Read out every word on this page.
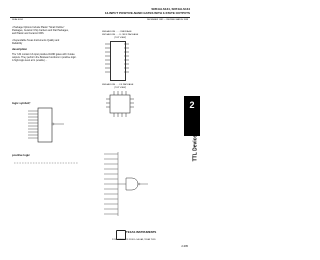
SN54ALS134, SN74ALS134
13-INPUT POSITIVE-NAND GATES WITH 3-STATE OUTPUTS
DECEMBER 1982 — REVISED MARCH 1988
SDALS034
• Package Options Include Plastic "Small Outline" Packages, Ceramic Chip Carriers and Flat Packages, and Plastic and Ceramic DIPs
• Dependable Texas Instruments Quality and Reliability
description
The '134 contain 13-input positive-NAND gates with 3-state outputs. They perform the Boolean functions in positive logic. A high-logic-level at G (enable) ...
logic symbol†
positive logic
SN54ALS134 . . . J PACKAGE
SN74ALS134 . . . D OR N PACKAGE
(TOP VIEW)
SN54ALS134 . . . FK PACKAGE
(TOP VIEW)
2
TTL Devices
TEXAS INSTRUMENTS
POST OFFICE BOX 655303 • DALLAS, TEXAS 75265
2-395
